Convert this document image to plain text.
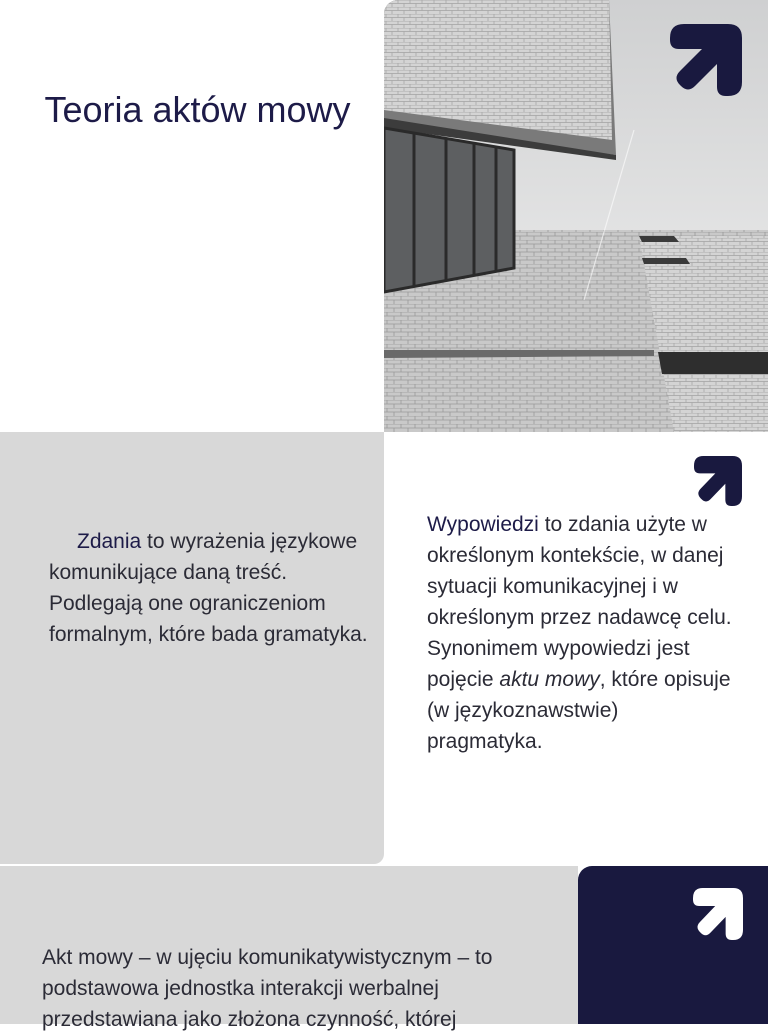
Teoria aktów mowy
Zdania to wyrażenia językowe komunikujące daną treść. Podlegają one ograniczeniom formalnym, które bada gramatyka.
Wypowiedzi to zdania użyte w określonym kontekście, w danej sytuacji komunikacyjnej i w określonym przez nadawcę celu. Synonimem wypowiedzi jest pojęcie aktu mowy, które opisuje (w językoznawstwie) pragmatyka.
Akt mowy – w ujęciu komunikatywistycznym – to podstawowa jednostka interakcji werbalnej przedstawiana jako złożona czynność, której
